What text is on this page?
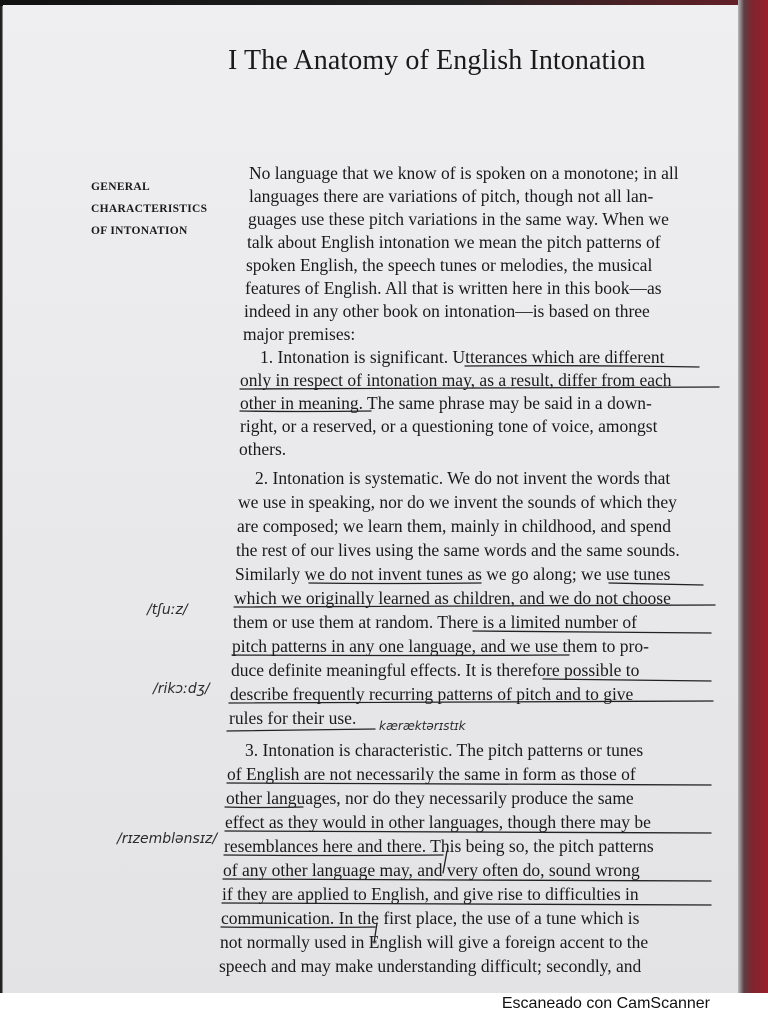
I The Anatomy of English Intonation
GENERAL
CHARACTERISTICS
OF INTONATION
No language that we know of is spoken on a monotone; in all
languages there are variations of pitch, though not all lan-
guages use these pitch variations in the same way. When we
talk about English intonation we mean the pitch patterns of
spoken English, the speech tunes or melodies, the musical
features of English. All that is written here in this book—as
indeed in any other book on intonation—is based on three
major premises:
1. Intonation is significant. Utterances which are different
only in respect of intonation may, as a result, differ from each
other in meaning. The same phrase may be said in a down-
right, or a reserved, or a questioning tone of voice, amongst
others.
2. Intonation is systematic. We do not invent the words that
we use in speaking, nor do we invent the sounds of which they
are composed; we learn them, mainly in childhood, and spend
the rest of our lives using the same words and the same sounds.
Similarly we do not invent tunes as we go along; we use tunes
which we originally learned as children, and we do not choose
them or use them at random. There is a limited number of
pitch patterns in any one language, and we use them to pro-
duce definite meaningful effects. It is therefore possible to
describe frequently recurring patterns of pitch and to give
rules for their use.
3. Intonation is characteristic. The pitch patterns or tunes
of English are not necessarily the same in form as those of
other languages, nor do they necessarily produce the same
effect as they would in other languages, though there may be
resemblances here and there. This being so, the pitch patterns
of any other language may, and very often do, sound wrong
if they are applied to English, and give rise to difficulties in
communication. In the first place, the use of a tune which is
not normally used in English will give a foreign accent to the
speech and may make understanding difficult; secondly, and
/tʃuːz/
/rikɔːdʒ/
kæræktərɪstɪk
/rɪzemblənsɪz/
Escaneado con CamScanner
